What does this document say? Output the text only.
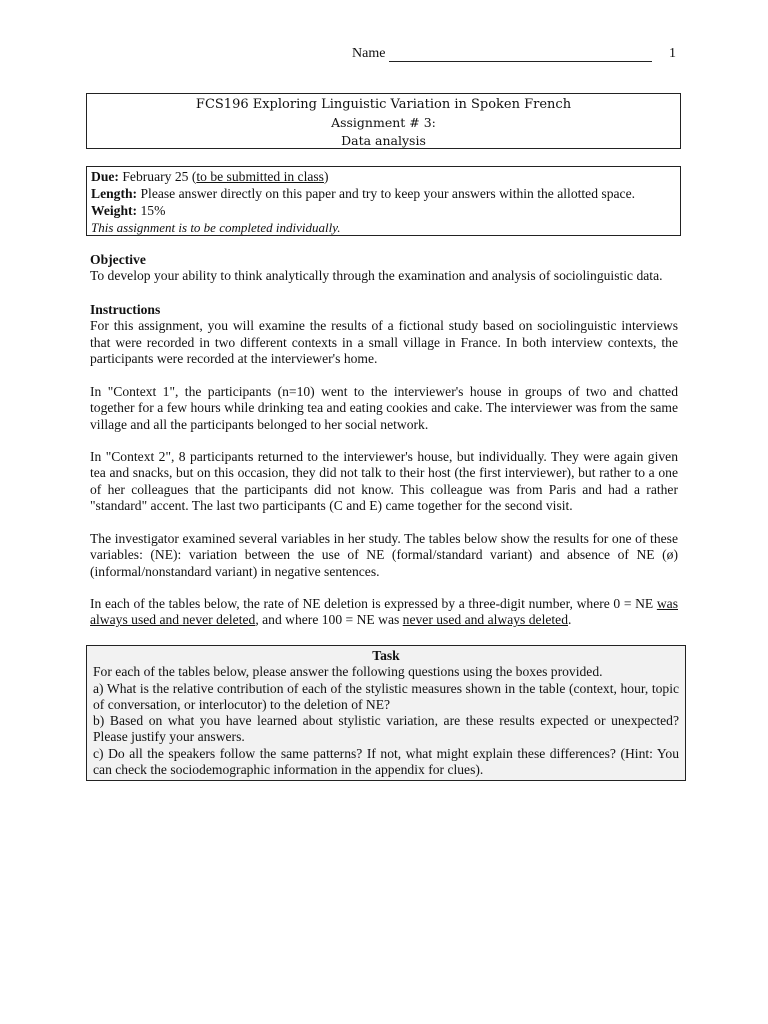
Name	1
FCS196 Exploring Linguistic Variation in Spoken French
Assignment # 3:
Data analysis
Due: February 25 (to be submitted in class)
Length: Please answer directly on this paper and try to keep your answers within the allotted space.
Weight: 15%
This assignment is to be completed individually.
Objective
To develop your ability to think analytically through the examination and analysis of sociolinguistic data.
Instructions
For this assignment, you will examine the results of a fictional study based on sociolinguistic interviews that were recorded in two different contexts in a small village in France. In both interview contexts, the participants were recorded at the interviewer's home.
In "Context 1", the participants (n=10) went to the interviewer's house in groups of two and chatted together for a few hours while drinking tea and eating cookies and cake. The interviewer was from the same village and all the participants belonged to her social network.
In "Context 2", 8 participants returned to the interviewer's house, but individually. They were again given tea and snacks, but on this occasion, they did not talk to their host (the first interviewer), but rather to a one of her colleagues that the participants did not know. This colleague was from Paris and had a rather "standard" accent. The last two participants (C and E) came together for the second visit.
The investigator examined several variables in her study. The tables below show the results for one of these variables: (NE): variation between the use of NE (formal/standard variant) and absence of NE (ø) (informal/nonstandard variant) in negative sentences.
In each of the tables below, the rate of NE deletion is expressed by a three-digit number, where 0 = NE was always used and never deleted, and where 100 = NE was never used and always deleted.
Task
For each of the tables below, please answer the following questions using the boxes provided.
a) What is the relative contribution of each of the stylistic measures shown in the table (context, hour, topic of conversation, or interlocutor) to the deletion of NE?
b) Based on what you have learned about stylistic variation, are these results expected or unexpected? Please justify your answers.
c) Do all the speakers follow the same patterns? If not, what might explain these differences? (Hint: You can check the sociodemographic information in the appendix for clues).
